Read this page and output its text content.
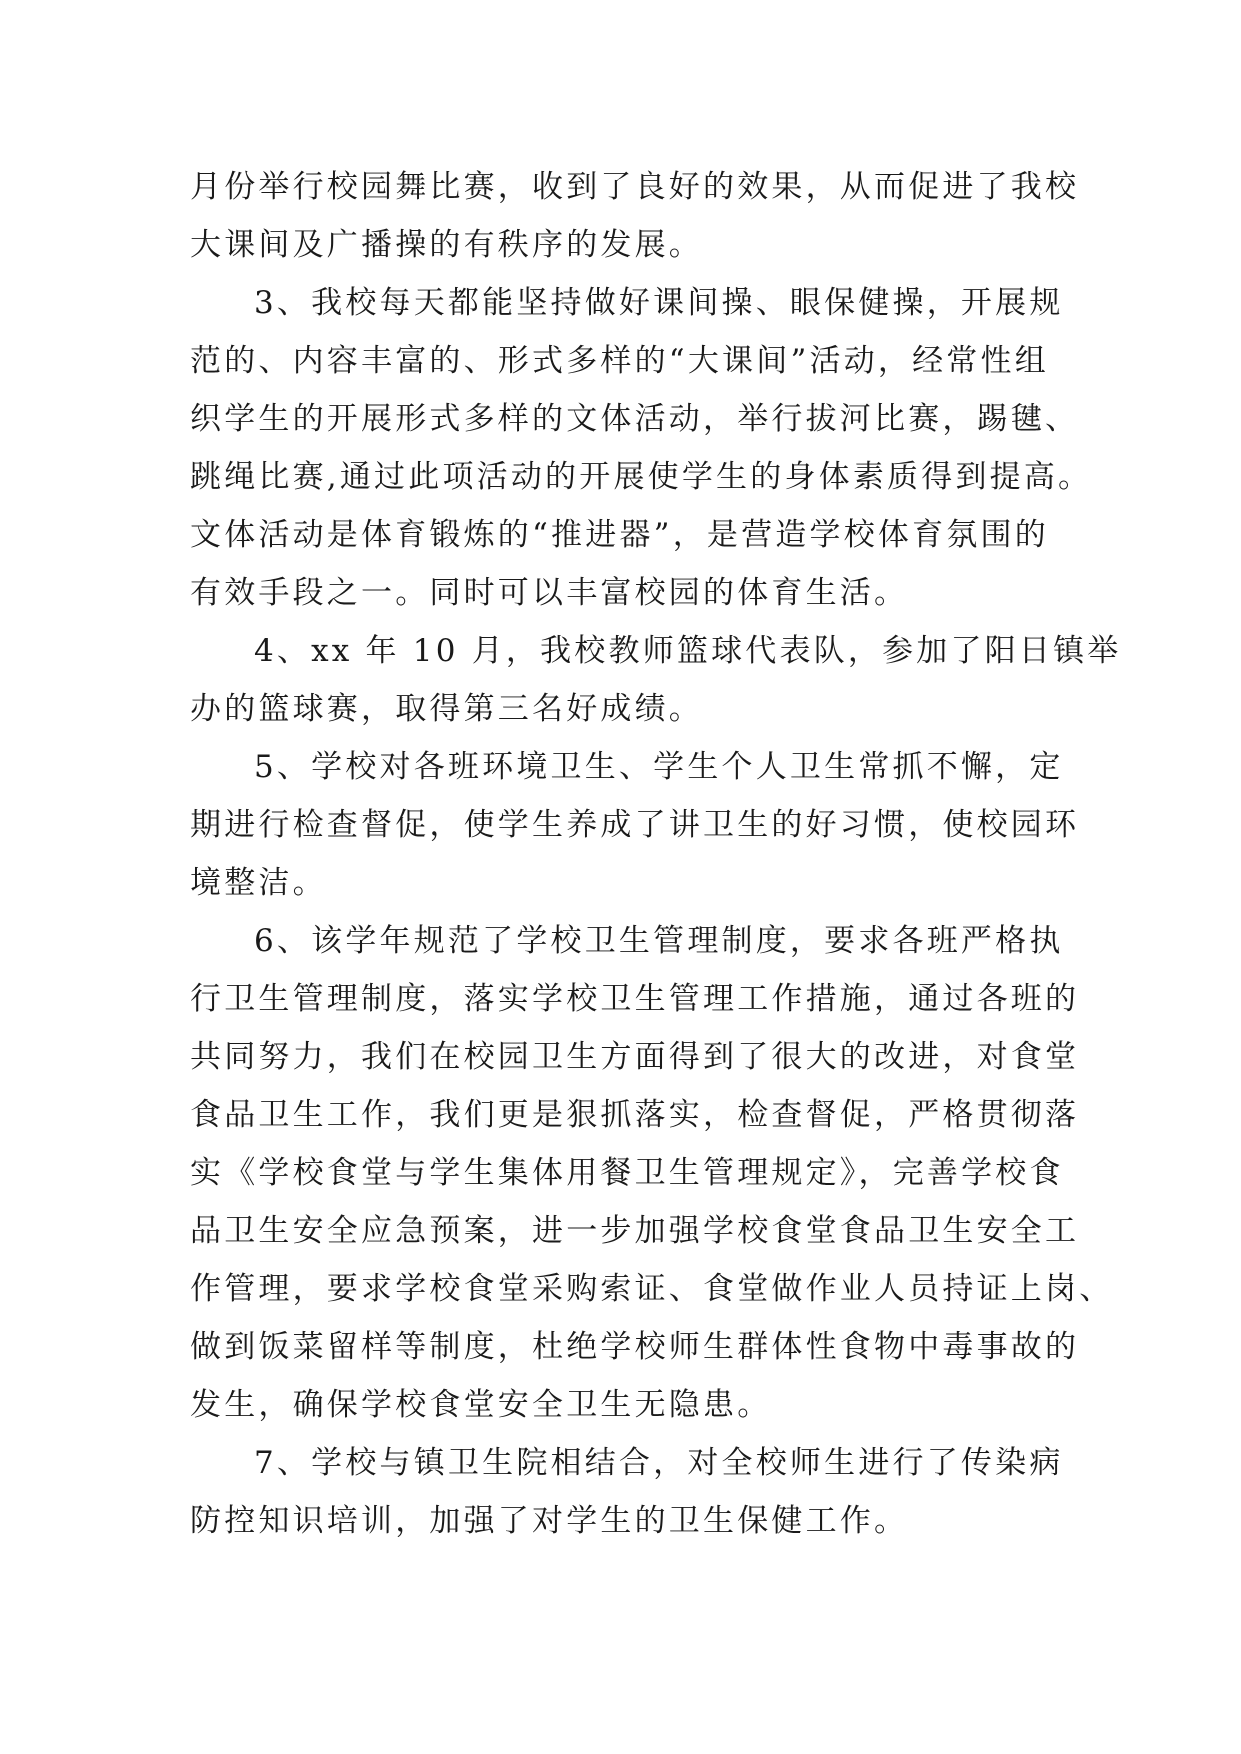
月份举行校园舞比赛，收到了良好的效果，从而促进了我校
大课间及广播操的有秩序的发展。
3、我校每天都能坚持做好课间操、眼保健操，开展规
范的、内容丰富的、形式多样的“大课间”活动，经常性组
织学生的开展形式多样的文体活动，举行拔河比赛，踢毽、
跳绳比赛,通过此项活动的开展使学生的身体素质得到提高。
文体活动是体育锻炼的“推进器”，是营造学校体育氛围的
有效手段之一。同时可以丰富校园的体育生活。
4、xx 年 10 月，我校教师篮球代表队，参加了阳日镇举
办的篮球赛，取得第三名好成绩。
5、学校对各班环境卫生、学生个人卫生常抓不懈，定
期进行检查督促，使学生养成了讲卫生的好习惯，使校园环
境整洁。
6、该学年规范了学校卫生管理制度，要求各班严格执
行卫生管理制度，落实学校卫生管理工作措施，通过各班的
共同努力，我们在校园卫生方面得到了很大的改进，对食堂
食品卫生工作，我们更是狠抓落实，检查督促，严格贯彻落
实《学校食堂与学生集体用餐卫生管理规定》，完善学校食
品卫生安全应急预案，进一步加强学校食堂食品卫生安全工
作管理，要求学校食堂采购索证、食堂做作业人员持证上岗、
做到饭菜留样等制度，杜绝学校师生群体性食物中毒事故的
发生，确保学校食堂安全卫生无隐患。
7、学校与镇卫生院相结合，对全校师生进行了传染病
防控知识培训，加强了对学生的卫生保健工作。
